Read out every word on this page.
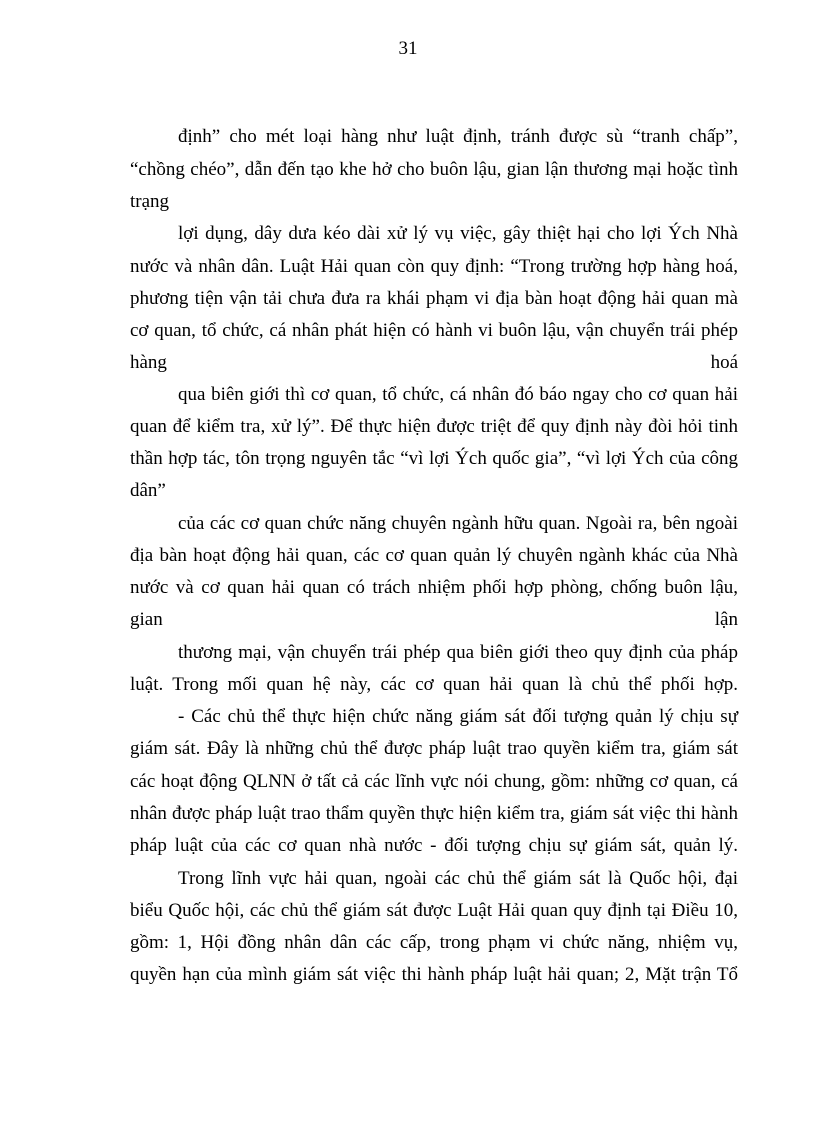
31
định” cho mét loại hàng như luật định, tránh được sù “tranh chấp”,
“chồng chéo”, dẫn đến tạo khe hở cho buôn lậu, gian lận thương mại hoặc tình
trạng
lợi dụng, dây dưa kéo dài xử lý vụ việc, gây thiệt hại cho lợi Ých Nhà
nước và nhân dân. Luật Hải quan còn quy định: “Trong trường hợp hàng hoá,
phương tiện vận tải chưa đưa ra khái phạm vi địa bàn hoạt động hải quan mà
cơ quan, tổ chức, cá nhân phát hiện có hành vi buôn lậu, vận chuyển trái phép
hàng	hoá
qua biên giới thì cơ quan, tổ chức, cá nhân đó báo ngay cho cơ quan hải
quan để kiểm tra, xử lý”. Để thực hiện được triệt để quy định này đòi hỏi tinh
thần hợp tác, tôn trọng nguyên tắc “vì lợi Ých quốc gia”, “vì lợi Ých của công
dân”
của các cơ quan chức năng chuyên ngành hữu quan. Ngoài ra, bên ngoài
địa bàn hoạt động hải quan, các cơ quan quản lý chuyên ngành khác của Nhà
nước và cơ quan hải quan có trách nhiệm phối hợp phòng, chống buôn lậu,
gian	lận
thương mại, vận chuyển trái phép qua biên giới theo quy định của pháp
luật. Trong mối quan hệ này, các cơ quan hải quan là chủ thể phối hợp.
- Các chủ thể thực hiện chức năng giám sát đối tượng quản lý chịu sự
giám sát. Đây là những chủ thể được pháp luật trao quyền kiểm tra, giám sát
các hoạt động QLNN ở tất cả các lĩnh vực nói chung, gồm: những cơ quan, cá
nhân được pháp luật trao thẩm quyền thực hiện kiểm tra, giám sát việc thi hành
pháp luật của các cơ quan nhà nước - đối tượng chịu sự giám sát, quản lý.
Trong lĩnh vực hải quan, ngoài các chủ thể giám sát là Quốc hội, đại
biểu Quốc hội, các chủ thể giám sát được Luật Hải quan quy định tại Điều 10,
gồm: 1, Hội đồng nhân dân các cấp, trong phạm vi chức năng, nhiệm vụ,
quyền hạn của mình giám sát việc thi hành pháp luật hải quan; 2, Mặt trận Tổ
